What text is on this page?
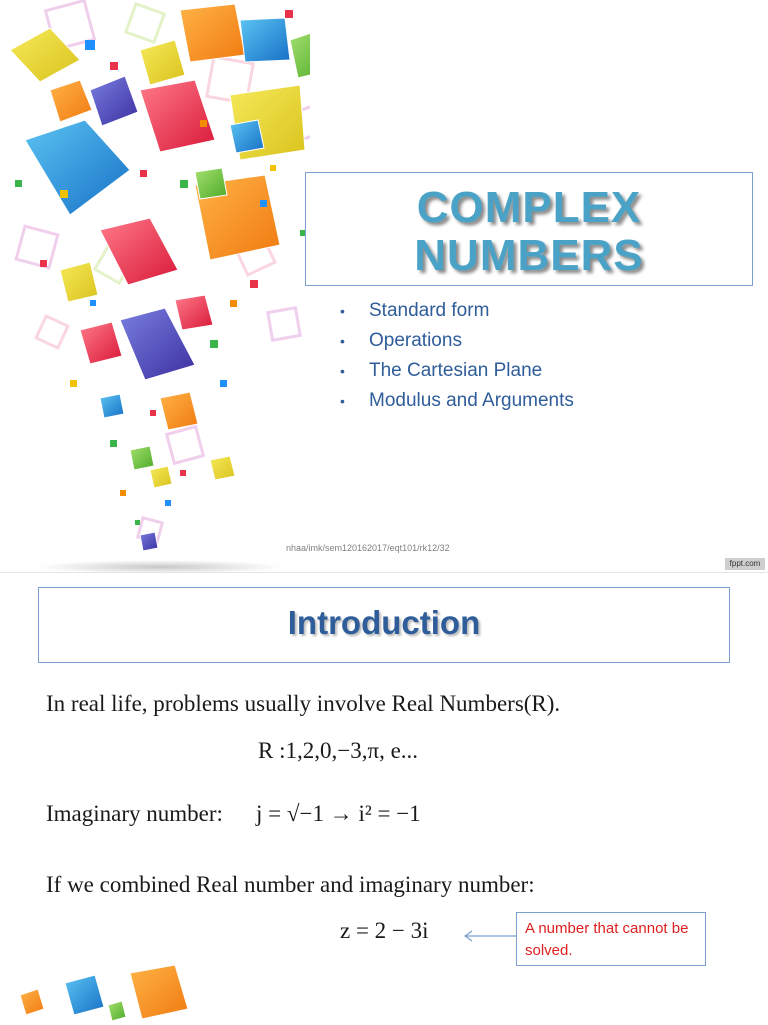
COMPLEX
NUMBERS
• Standard form
• Operations
• The Cartesian Plane
• Modulus and Arguments
nhaa/imk/sem120162017/eqt101/rk12/32
fppt.com
Introduction
In real life, problems usually involve Real Numbers(R).
R :1,2,0,−3,π, e...
Imaginary number: j = √−1 → i² = −1
If we combined Real number and imaginary number:
z = 2 − 3i	A number that cannot be solved.
